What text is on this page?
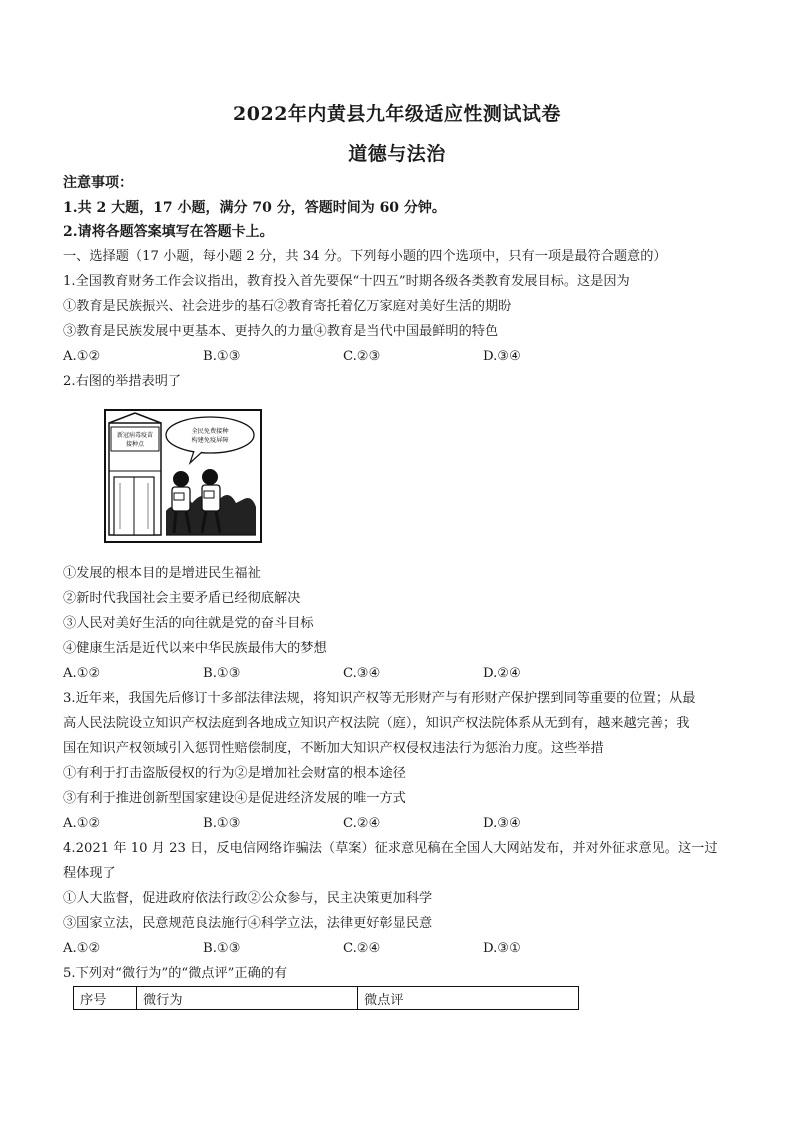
2022年内黄县九年级适应性测试试卷
道德与法治
注意事项：
1.共 2 大题，17 小题，满分 70 分，答题时间为 60 分钟。
2.请将各题答案填写在答题卡上。
一、选择题（17 小题，每小题 2 分，共 34 分。下列每小题的四个选项中，只有一项是最符合题意的）
1.全国教育财务工作会议指出，教育投入首先要保“十四五”时期各级各类教育发展目标。这是因为
①教育是民族振兴、社会进步的基石②教育寄托着亿万家庭对美好生活的期盼
③教育是民族发展中更基本、更持久的力量④教育是当代中国最鲜明的特色
A.①②	B.①③	C.②③	D.③④
2.右图的举措表明了
新冠病毒疫苗
接种点
全民免费接种
构建免疫屏障
①发展的根本目的是增进民生福祉
②新时代我国社会主要矛盾已经彻底解决
③人民对美好生活的向往就是党的奋斗目标
④健康生活是近代以来中华民族最伟大的梦想
A.①②	B.①③	C.③④	D.②④
3.近年来，我国先后修订十多部法律法规，将知识产权等无形财产与有形财产保护摆到同等重要的位置；从最
高人民法院设立知识产权法庭到各地成立知识产权法院（庭），知识产权法院体系从无到有，越来越完善；我
国在知识产权领域引入惩罚性赔偿制度，不断加大知识产权侵权违法行为惩治力度。这些举措
①有利于打击盗版侵权的行为②是增加社会财富的根本途径
③有利于推进创新型国家建设④是促进经济发展的唯一方式
A.①②	B.①③	C.②④	D.③④
4.2021 年 10 月 23 日，反电信网络诈骗法（草案）征求意见稿在全国人大网站发布，并对外征求意见。这一过
程体现了
①人大监督，促进政府依法行政②公众参与，民主决策更加科学
③国家立法，民意规范良法施行④科学立法，法律更好彰显民意
A.①②	B.①③	C.②④	D.③①
5.下列对“微行为”的“微点评”正确的有
序号	微行为	微点评
